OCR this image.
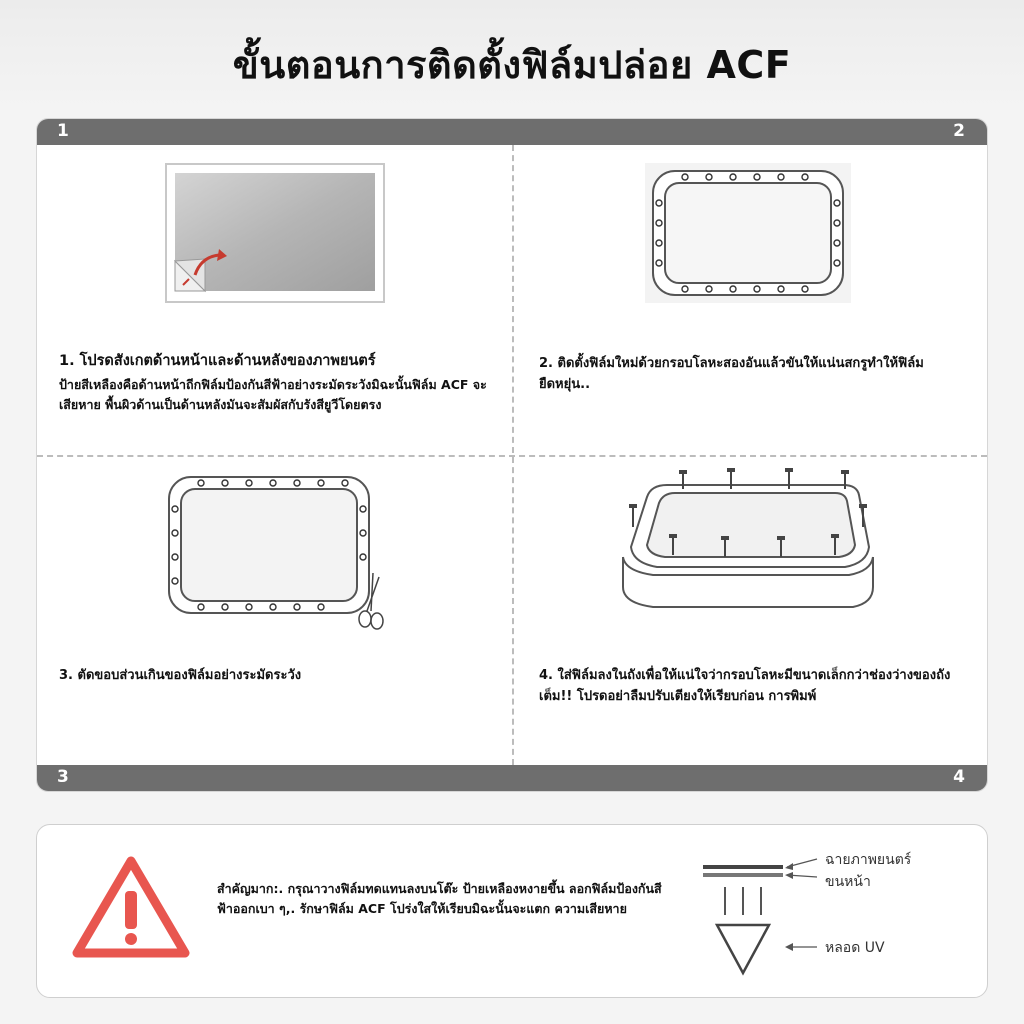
ขั้นตอนการติดตั้งฟิล์มปล่อย ACF
1	2
3	4
1. โปรดสังเกตด้านหน้าและด้านหลังของภาพยนตร์
ป้ายสีเหลืองคือด้านหน้าถีกฟิล์มป้องกันสีฟ้าอย่างระมัดระวังมิฉะนั้นฟิล์ม ACF จะเสียหาย พื้นผิวด้านเป็นด้านหลังมันจะสัมผัสกับรังสียูวีโดยตรง
2. ติดตั้งฟิล์มใหม่ด้วยกรอบโลหะสองอันแล้วขันให้แน่นสกรูทำให้ฟิล์มยืดหยุ่น..
3. ตัดขอบส่วนเกินของฟิล์มอย่างระมัดระวัง	4. ใส่ฟิล์มลงในถังเพื่อให้แน่ใจว่ากรอบโลหะมีขนาดเล็กกว่าช่องว่างของถัง เต็ม!! โปรดอย่าลืมปรับเตียงให้เรียบก่อน การพิมพ์
สำคัญมาก:. กรุณาวางฟิล์มทดแทนลงบนโต๊ะ ป้ายเหลืองหงายขึ้น ลอกฟิล์มป้องกันสีฟ้าออกเบา ๆ,. รักษาฟิล์ม ACF โปร่งใสให้เรียบมิฉะนั้นจะแตก ความเสียหาย
ฉายภาพยนตร์
ขนหน้า
หลอด UV
